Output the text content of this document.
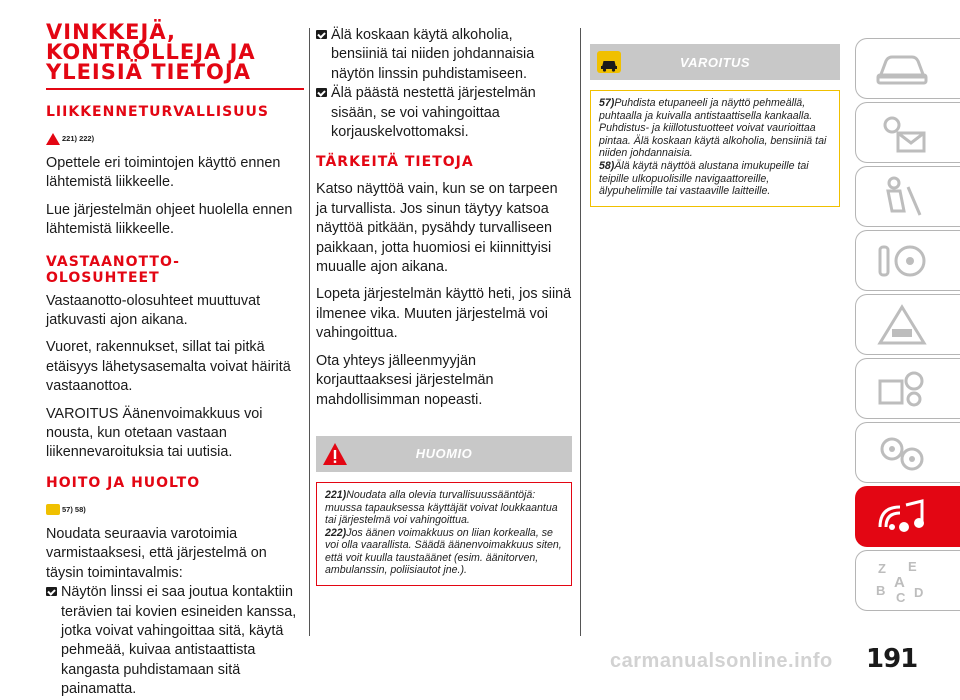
VINKKEJÄ,
KONTROLLEJA JA
YLEISIÄ TIETOJA
LIIKKENNETURVALLISUUS
221) 222)

Opettele eri toimintojen käyttö ennen lähtemistä liikkeelle.

Lue järjestelmän ohjeet huolella ennen lähtemistä liikkeelle.

VASTAANOTTO-
OLOSUHTEET

Vastaanotto-olosuhteet muuttuvat jatkuvasti ajon aikana.

Vuoret, rakennukset, sillat tai pitkä etäisyys lähetysasemalta voivat häiritä vastaanottoa.

VAROITUS Äänenvoimakkuus voi nousta, kun otetaan vastaan liikennevaroituksia tai uutisia.

HOITO JA HUOLTO
57) 58)

Noudata seuraavia varotoimia varmistaaksesi, että järjestelmä on täysin toimintavalmis:

Näytön linssi ei saa joutua kontaktiin terävien tai kovien esineiden kanssa, jotka voivat vahingoittaa sitä, käytä pehmeää, kuivaa antistaattista kangasta puhdistamaan sitä painamatta.
Älä koskaan käytä alkoholia, bensiiniä tai niiden johdannaisia näytön linssin puhdistamiseen.
Älä päästä nestettä järjestelmän sisään, se voi vahingoittaa korjauskelvottomaksi.
TÄRKEITÄ TIETOJA

Katso näyttöä vain, kun se on tarpeen ja turvallista. Jos sinun täytyy katsoa näyttöä pitkään, pysähdy turvalliseen paikkaan, jotta huomiosi ei kiinnittyisi muualle ajon aikana.

Lopeta järjestelmän käyttö heti, jos siinä ilmenee vika. Muuten järjestelmä voi vahingoittua.

Ota yhteys jälleenmyyjän korjauttaaksesi järjestelmän mahdollisimman nopeasti.

HUOMIO
221)Noudata alla olevia turvallisuussääntöjä: muussa tapauksessa käyttäjät voivat loukkaantua tai järjestelmä voi vahingoittua.
222)Jos äänen voimakkuus on liian korkealla, se voi olla vaarallista. Säädä äänenvoimakkuus siten, että voit kuulla taustaäänet (esim. äänitorven, ambulanssin, poliisiautot jne.).
VAROITUS
57)Puhdista etupaneeli ja näyttö pehmeällä, puhtaalla ja kuivalla antistaattisella kankaalla. Puhdistus- ja kiillotustuotteet voivat vaurioittaa pintaa. Älä koskaan käytä alkoholia, bensiiniä tai niiden johdannaisia.
58)Älä käytä näyttöä alustana imukupeille tai teipille ulkopuolisille navigaattoreille, älypuhelimille tai vastaaville laitteille.
Z E
A
B C D
carmanualsonline.info 191
